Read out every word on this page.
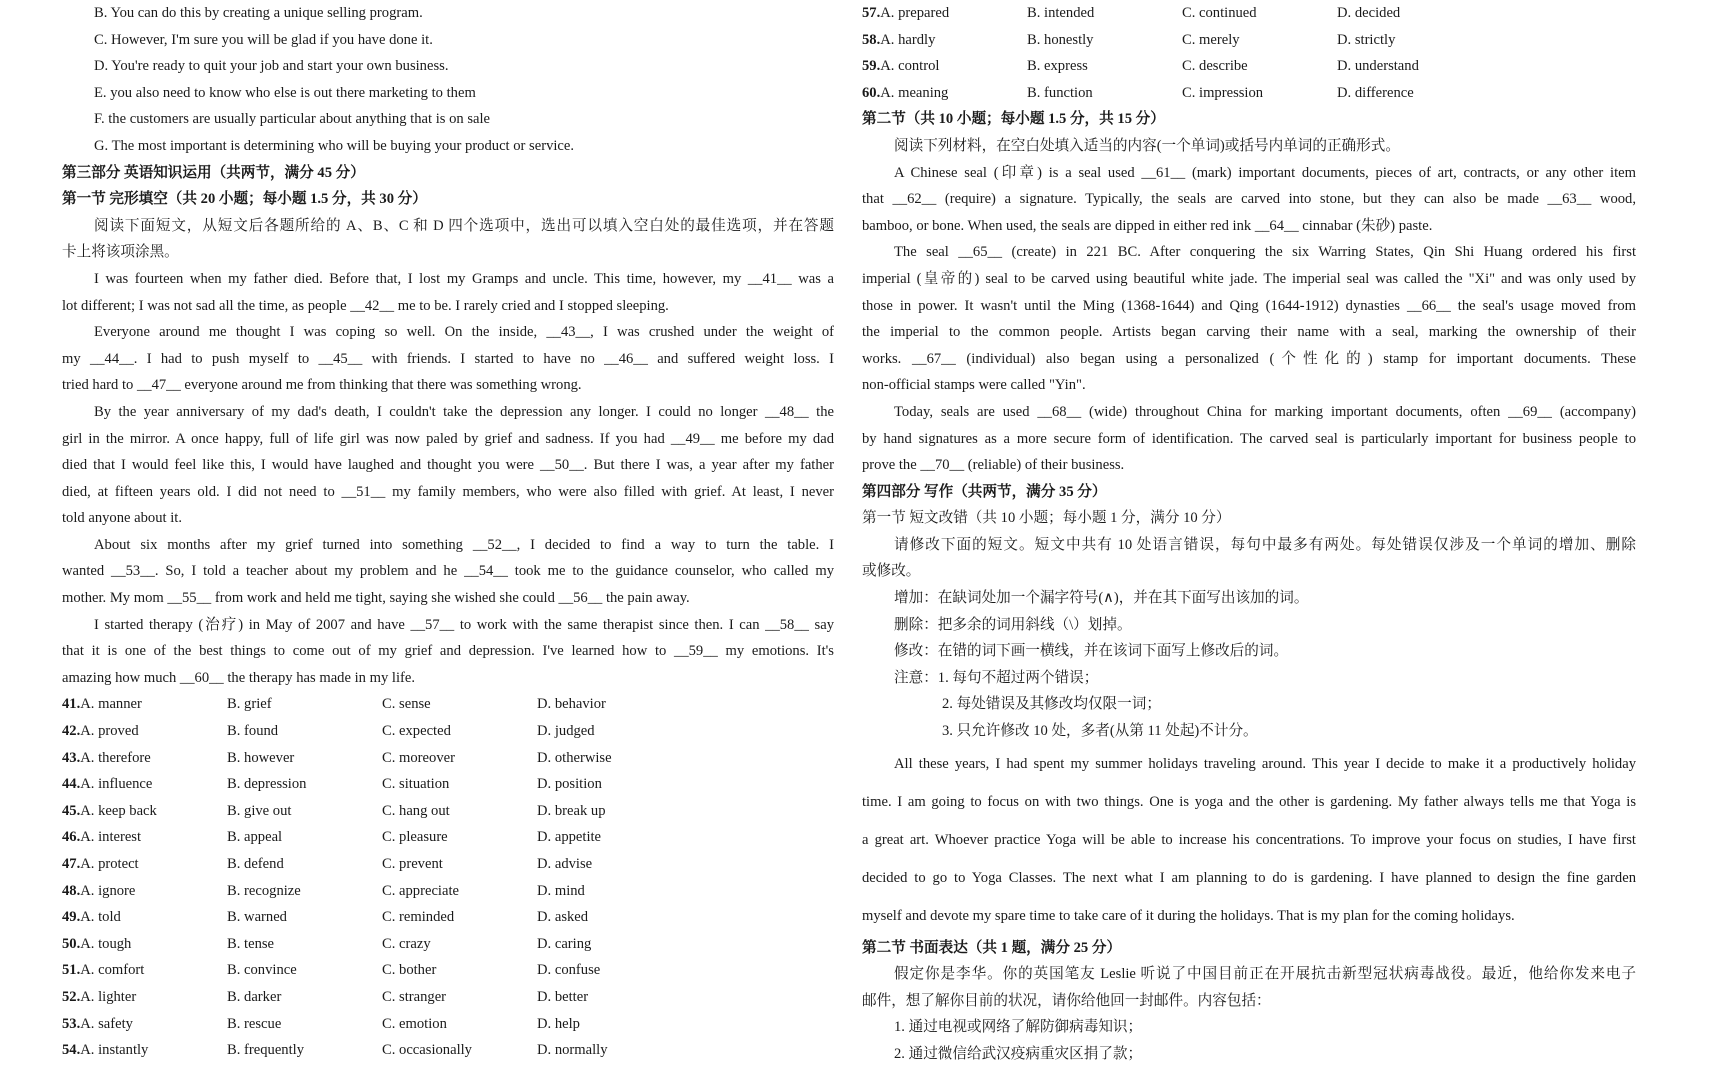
B. You can do this by creating a unique selling program.
C. However, I'm sure you will be glad if you have done it.
D. You're ready to quit your job and start your own business.
E. you also need to know who else is out there marketing to them
F. the customers are usually particular about anything that is on sale
G. The most important is determining who will be buying your product or service.
第三部分 英语知识运用（共两节，满分 45 分）
第一节 完形填空（共 20 小题；每小题 1.5 分，共 30 分）
阅读下面短文，从短文后各题所给的 A、B、C 和 D 四个选项中，选出可以填入空白处的最佳选项，并在答题
卡上将该项涂黑。
I was fourteen when my father died. Before that, I lost my Gramps and uncle. This time, however, my __41__ was a
lot different; I was not sad all the time, as people __42__ me to be. I rarely cried and I stopped sleeping.
Everyone around me thought I was coping so well. On the inside, __43__, I was crushed under the weight of
my __44__. I had to push myself to __45__ with friends. I started to have no __46__ and suffered weight loss. I
tried hard to __47__ everyone around me from thinking that there was something wrong.
By the year anniversary of my dad's death, I couldn't take the depression any longer. I could no longer __48__ the
girl in the mirror. A once happy, full of life girl was now paled by grief and sadness. If you had __49__ me before my dad
died that I would feel like this, I would have laughed and thought you were __50__. But there I was, a year after my father
died, at fifteen years old. I did not need to __51__ my family members, who were also filled with grief. At least, I never
told anyone about it.
About six months after my grief turned into something __52__, I decided to find a way to turn the table. I
wanted __53__. So, I told a teacher about my problem and he __54__ took me to the guidance counselor, who called my
mother. My mom __55__ from work and held me tight, saying she wished she could __56__ the pain away.
I started therapy (治疗) in May of 2007 and have __57__ to work with the same therapist since then. I can __58__ say
that it is one of the best things to come out of my grief and depression. I've learned how to __59__ my emotions. It's
amazing how much __60__ the therapy has made in my life.
41.A. manner	B. grief	C. sense	D. behavior
42.A. proved	B. found	C. expected	D. judged
43.A. therefore	B. however	C. moreover	D. otherwise
44.A. influence	B. depression	C. situation	D. position
45.A. keep back	B. give out	C. hang out	D. break up
46.A. interest	B. appeal	C. pleasure	D. appetite
47.A. protect	B. defend	C. prevent	D. advise
48.A. ignore	B. recognize	C. appreciate	D. mind
49.A. told	B. warned	C. reminded	D. asked
50.A. tough	B. tense	C. crazy	D. caring
51.A. comfort	B. convince	C. bother	D. confuse
52.A. lighter	B. darker	C. stranger	D. better
53.A. safety	B. rescue	C. emotion	D. help
54.A. instantly	B. frequently	C. occasionally	D. normally
57.A. prepared	B. intended	C. continued	D. decided
58.A. hardly	B. honestly	C. merely	D. strictly
59.A. control	B. express	C. describe	D. understand
60.A. meaning	B. function	C. impression	D. difference
第二节（共 10 小题；每小题 1.5 分，共 15 分）
阅读下列材料，在空白处填入适当的内容(一个单词)或括号内单词的正确形式。
A Chinese seal (印章) is a seal used __61__ (mark) important documents, pieces of art, contracts, or any other item
that __62__ (require) a signature. Typically, the seals are carved into stone, but they can also be made __63__ wood,
bamboo, or bone. When used, the seals are dipped in either red ink __64__ cinnabar (朱砂) paste.
The seal __65__ (create) in 221 BC. After conquering the six Warring States, Qin Shi Huang ordered his first
imperial (皇帝的) seal to be carved using beautiful white jade. The imperial seal was called the "Xi" and was only used by
those in power. It wasn't until the Ming (1368-1644) and Qing (1644-1912) dynasties __66__ the seal's usage moved from
the imperial to the common people. Artists began carving their name with a seal, marking the ownership of their
works. __67__ (individual) also began using a personalized (个性化的) stamp for important documents. These
non-official stamps were called "Yin".
Today, seals are used __68__ (wide) throughout China for marking important documents, often __69__ (accompany)
by hand signatures as a more secure form of identification. The carved seal is particularly important for business people to
prove the __70__ (reliable) of their business.
第四部分 写作（共两节，满分 35 分）
第一节 短文改错（共 10 小题；每小题 1 分，满分 10 分）
请修改下面的短文。短文中共有 10 处语言错误，每句中最多有两处。每处错误仅涉及一个单词的增加、删除
或修改。
增加：在缺词处加一个漏字符号(∧)，并在其下面写出该加的词。
删除：把多余的词用斜线（\）划掉。
修改：在错的词下画一横线，并在该词下面写上修改后的词。
注意：1. 每句不超过两个错误；
2. 每处错误及其修改均仅限一词；
3. 只允许修改 10 处，多者(从第 11 处起)不计分。
All these years, I had spent my summer holidays traveling around. This year I decide to make it a productively holiday
time. I am going to focus on with two things. One is yoga and the other is gardening. My father always tells me that Yoga is
a great art. Whoever practice Yoga will be able to increase his concentrations. To improve your focus on studies, I have first
decided to go to Yoga Classes. The next what I am planning to do is gardening. I have planned to design the fine garden
myself and devote my spare time to take care of it during the holidays. That is my plan for the coming holidays.
第二节 书面表达（共 1 题，满分 25 分）
假定你是李华。你的英国笔友 Leslie 听说了中国目前正在开展抗击新型冠状病毒战役。最近，他给你发来电子
邮件，想了解你目前的状况，请你给他回一封邮件。内容包括：
1. 通过电视或网络了解防御病毒知识；
2. 通过微信给武汉疫病重灾区捐了款；
